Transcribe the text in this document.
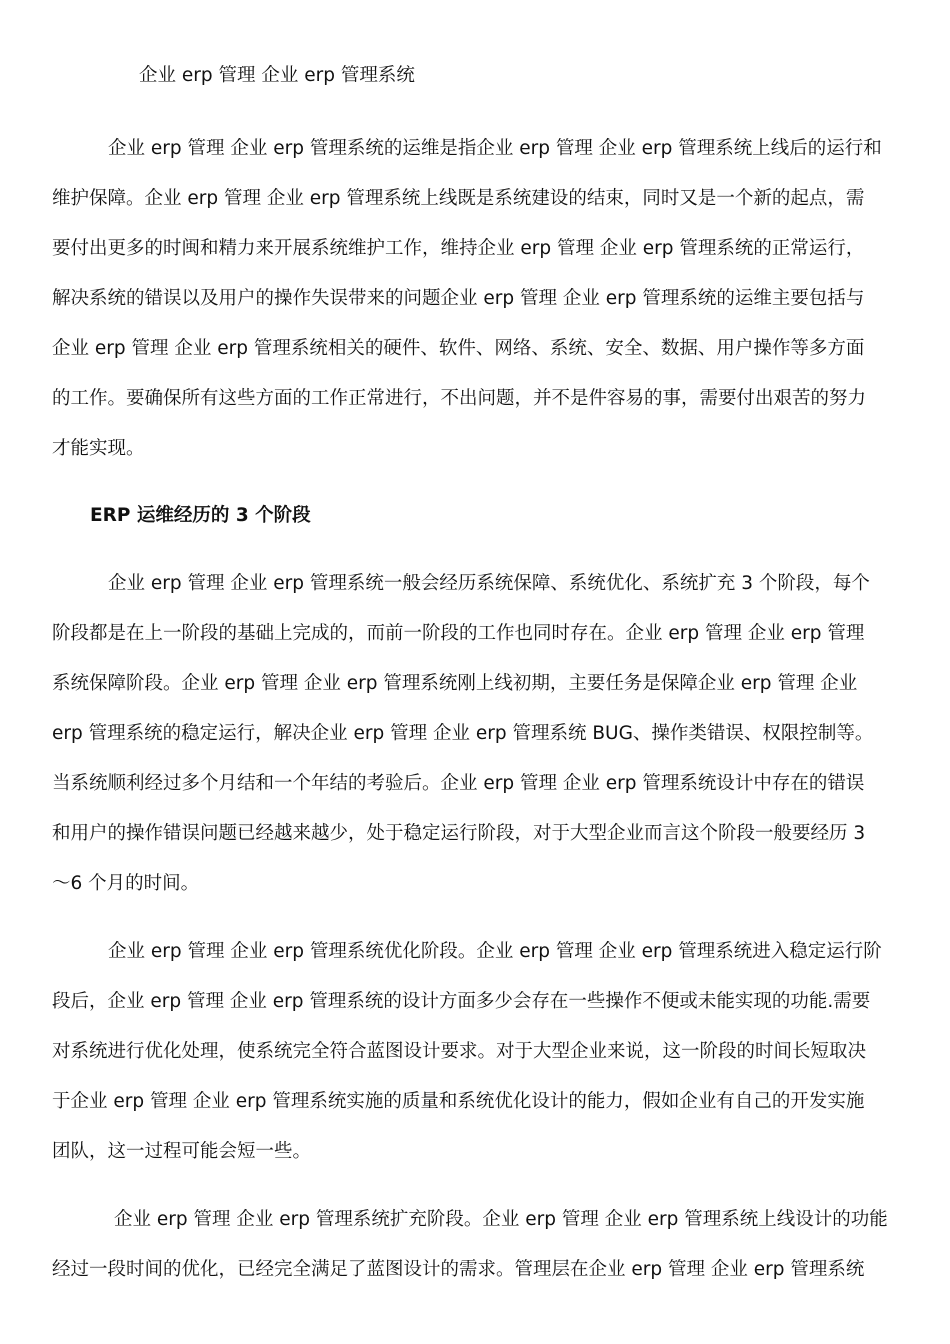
企业 erp 管理 企业 erp 管理系统
企业 erp 管理 企业 erp 管理系统的运维是指企业 erp 管理 企业 erp 管理系统上线后的运行和
维护保障。企业 erp 管理 企业 erp 管理系统上线既是系统建设的结束，同时又是一个新的起点，需
要付出更多的时闽和精力来开展系统维护工作，维持企业 erp 管理 企业 erp 管理系统的正常运行，
解决系统的错误以及用户的操作失误带来的问题企业 erp 管理 企业 erp 管理系统的运维主要包括与
企业 erp 管理 企业 erp 管理系统相关的硬件、软件、网络、系统、安全、数据、用户操作等多方面
的工作。要确保所有这些方面的工作正常进行，不出问题，并不是件容易的事，需要付出艰苦的努力
才能实现。
ERP 运维经历的 3 个阶段
企业 erp 管理 企业 erp 管理系统一般会经历系统保障、系统优化、系统扩充 3 个阶段，每个
阶段都是在上一阶段的基础上完成的，而前一阶段的工作也同时存在。企业 erp 管理 企业 erp 管理
系统保障阶段。企业 erp 管理 企业 erp 管理系统刚上线初期，主要任务是保障企业 erp 管理 企业
erp 管理系统的稳定运行，解决企业 erp 管理 企业 erp 管理系统 BUG、操作类错误、权限控制等。
当系统顺利经过多个月结和一个年结的考验后。企业 erp 管理 企业 erp 管理系统设计中存在的错误
和用户的操作错误问题已经越来越少，处于稳定运行阶段，对于大型企业而言这个阶段一般要经历 3
～6 个月的时间。
企业 erp 管理 企业 erp 管理系统优化阶段。企业 erp 管理 企业 erp 管理系统进入稳定运行阶
段后，企业 erp 管理 企业 erp 管理系统的设计方面多少会存在一些操作不便或未能实现的功能.需要
对系统进行优化处理，使系统完全符合蓝图设计要求。对于大型企业来说，这一阶段的时间长短取决
于企业 erp 管理 企业 erp 管理系统实施的质量和系统优化设计的能力，假如企业有自己的开发实施
团队，这一过程可能会短一些。
企业 erp 管理 企业 erp 管理系统扩充阶段。企业 erp 管理 企业 erp 管理系统上线设计的功能
经过一段时间的优化，已经完全满足了蓝图设计的需求。管理层在企业 erp 管理 企业 erp 管理系统
